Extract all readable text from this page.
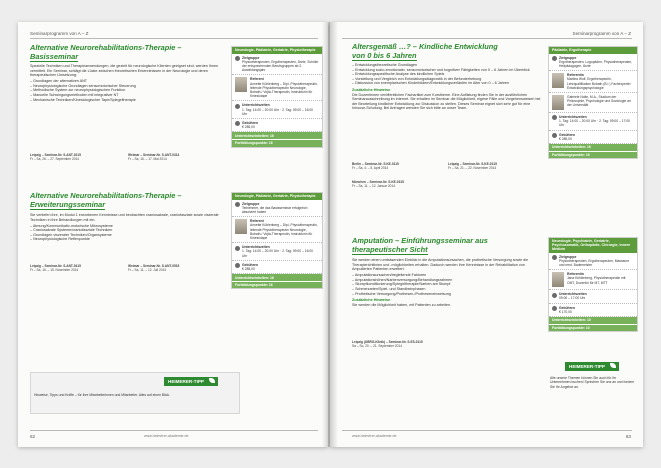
Seminarprogramm von A – Z
Alternative Neurorehabilitations-Therapie –
Basisseminar

Spezielle Techniken und Therapieanwendungen, die gezielt für neurologische Klienten geeignet sind, werden Ihnen vermittelt. Ein Seminar, schlägt die Lücke zwischen theoretischen Erkenntnissen in der Neurologie und deren therapeutischen Umsetzung:

– Grundlagen der alternativen ANT
– Neurophysiologische Grundlagen sensomotorischer Steuerung
– Methodische System zur neurophysiologischen Funktion
– Manuelle Schwingungsmethoden mit integrativer NT
– Mechanische Techniken/Kinesiologischer Tape/Spiegeltherapie
Leipzig – Seminar-Nr. S.ANT-0215
Fr – Sa, 26. – 27. September 2014
Weimar – Seminar-Nr. S.ANT-0314
Fr – Sa, 16. – 17. Mai 2014
Neurologie, Pädiatrie, Geriatrie, Physiotherapie
Zielgruppe
Physiotherapeuten, Ergotherapeuten, Ärzte, Schüler der entsprechenden Berufsgruppen ab 2. Ausbildungsjahr
Referent
Annette Kühlenberg – Dipl.-Physiotherapeutin, leitende Physiotherapeutin Neurologie, Bobath-/ Vojta-Therapeutin, Instruktorin für Kinesiotape
Unterrichtszeiten
1. Tag: 14:00 – 20:00 Uhr · 2. Tag: 09:00 – 16:00 Uhr
Gebühren
€ 285,00
Unterrichtseinheiten: 16
Fortbildungspunkte: 16
Alternative Neurorehabilitations-Therapie –
Erweiterungsseminar

Sie vertiefen ihre, im Modul 1 erworbenen Kenntnisse und beobachten craniosakrale, craniofasziale sowie viszerale Techniken in ihre Behandlungen mit ein.

– Atmung/Kommunikativ-motorische Mikrosysteme
– Craniosakrale Systeme/craniofasziale Techniken
– Grundlagen viszeraler Techniken/Organsysteme
– Neurophysiologische Reflexpunkte
Leipzig – Seminar-Nr. S.ANT-0415
Fr – Sa, 16. – 15. November 2014
Weimar – Seminar-Nr. S.ANT-0515
Fr – Sa, 11. – 12. Juli 2014
Neurologie, Pädiatrie, Geriatrie, Physiotherapie
Zielgruppe
Teilnehmer, die das Basisseminar erfolgreich absolviert haben
Referent
Annette Kühlenberg – Dipl.-Physiotherapeutin, leitende Physiotherapeutin Neurologie, Bobath-/ Vojta-Therapeutin, Instruktorin für Kinesiotape
Unterrichtszeiten
1. Tag: 14:00 – 20:00 Uhr · 2. Tag: 09:00 – 16:00 Uhr
Gebühren
€ 285,00
Unterrichtseinheiten: 16
Fortbildungspunkte: 16
HEIMERER-TIPP
Hinweise, Tipps und Kniffe – für Ihre Mitarbeiterinnen und Mitarbeiter. Alles auf einen Blick.
62	www.heimerer-akademie.de
Seminarprogramm von A – Z
Altersgemäß …? – Kindliche Entwicklung
von 0 bis 6 Jahren
– Entwicklungstheoretische Grundlagen
– Entwicklung sozio-emotionaler, sensomotorischer und kognitiver Fähigkeiten von 0 – 6 Jahren im Überblick
– Entwicklungsspezifische Analyse des kindlichen Spiels
– Vorstellung und Vergleich von Entwicklungsdiagnostik in der Befunderhebung
– Diskussion von exemplarischen Kinderbildern/Entwicklungsverläufen im Alter von 0 – 6 Jahren
Zusätzliche Hinweise

Die Dozentinnen veröffentlichen Fachartikel zum Kurstheme. Eine Auflistung finden Sie in der ausführlichen Seminarausschreibung im Internet. Sie erhalten im Seminar die Möglichkeit, eigene Fälle und Vorgehensweisen bei der Beurteilung kindlicher Entwicklung zur Diskussion zu stellen. Dieses Seminar eignet sich sehr gut für eine Inhouse-Schulung. Bei Anfragen wenden Sie sich bitte an unser Team.

Berlin – Seminar-Nr. S.KE-0115
Fr – Sa, 4. – 5. April 2014
Leipzig – Seminar-Nr. S.KE-0215
Fr – Sa, 21. – 22. November 2014
München – Seminar-Nr. S.KE-0315
Fr – Sa, 11. – 12. Januar 2014
Pädiatrie, Ergotherapie
Zielgruppe
Ergotherapeuten, Logopäden, Physiotherapeuten, Heilpädagogen, Ärzte
Referentin
Martina Wolf, Ergotherapeutin, Lehrqualifikation Bobath (B.I.) Fachexpertin Entwicklungspsychologie
Gabriele Nolte, M.A., Studium der Philosophie, Psychologie und Soziologie an der Universität
Unterrichtszeiten
1. Tag: 14:00 – 20:00 Uhr · 2. Tag: 09:00 – 17:00 Uhr
Gebühren
€ 285,00
Unterrichtseinheiten: 16
Fortbildungspunkte: 16
Amputation – Einführungsseminar aus
therapeutischer Sicht

Sie werden einen umfassenden Einblick in die Amputationsursachen, die prothetische Versorgung sowie die Therapierichtlinien und -möglichkeiten erhalten. Dadurch werden Ihre Kenntnisse in der Rehabilitation von Amputierten Patienten erweitert.

– Amputationsursachen/begleitende Faktoren
– Amputationshöhen/Narbenversorgung/Behandlungsrahmen
– Stumpfkonditionierung/Spiegeltherapie/Narben am Stumpf
– Schmerzarten/Spiel- und Standbeinphasen
– Prothetische Versorgung/Prothesen-/Protheseneinweisung
Zusätzliche Hinweise

Sie werden die Möglichkeit haben, mit Patienten zu arbeiten.

Leipzig (UBRG-Klinik) – Seminar-Nr. S.ES-0115
Sa – So, 20. – 21. September 2014
Neurologie, Psychiatrie, Geriatrie, Psychosomatik, Orthopädie, Chirurgie, Innere Medizin
Zielgruppe
Physiotherapeuten, Ergotherapeuten, Masseure und med. Bademeister
Referentin
Jana Kühlenberg, Physiotherapeutin mit OMT, Dozentin für MT, MTT
Unterrichtszeiten
09:00 – 17:00 Uhr
Gebühren
€ 170,00
Unterrichtseinheiten: 10
Fortbildungspunkte: 10
HEIMERER-TIPP
Alle unsere Themen können Sie auch für Ihr Unternehmen buchen! Sprechen Sie uns an und fordern Sie Ihr Angebot an.
www.heimerer-akademie.de	63
